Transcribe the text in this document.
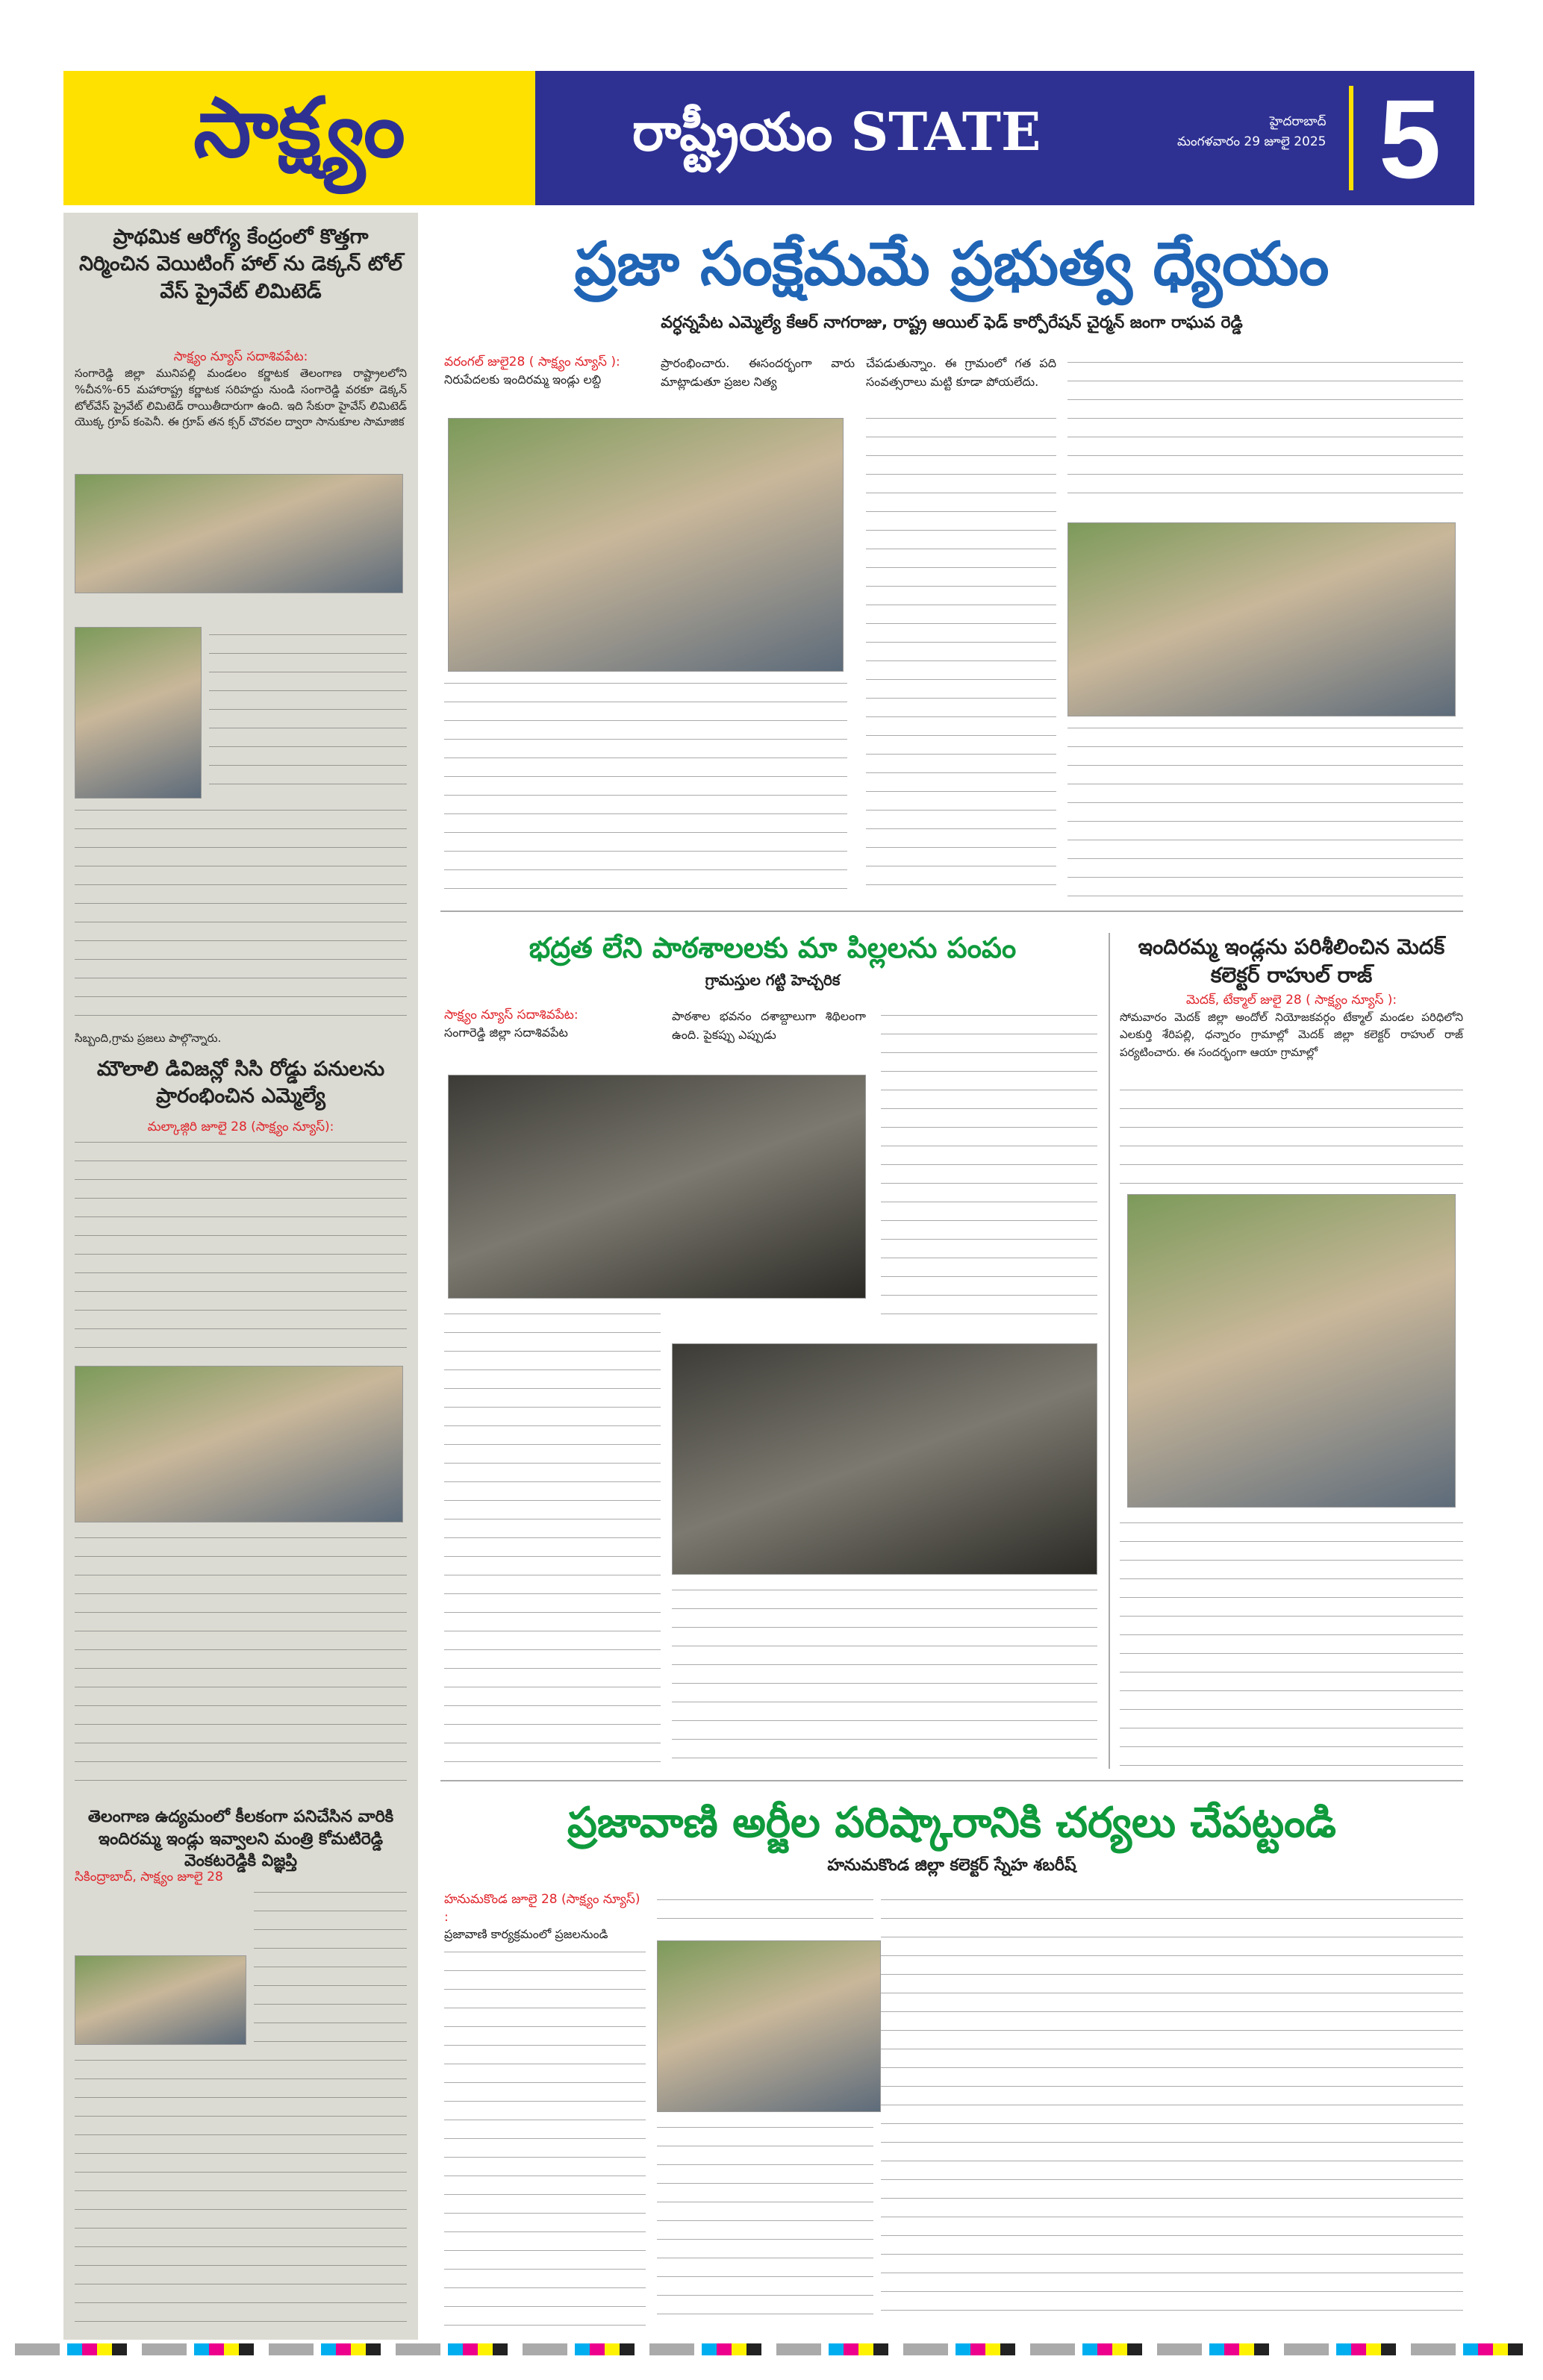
సాక్ష్యం	రాష్ట్రీయం STATE	హైదరాబాద్
మంగళవారం 29 జూలై 2025 5
ప్రాథమిక ఆరోగ్య కేంద్రంలో కొత్తగా నిర్మించిన వెయిటింగ్ హాల్ ను డెక్కన్ టోల్ వేస్ ప్రైవేట్ లిమిటెడ్
సాక్ష్యం న్యూస్ సదాశివపేట:
సంగారెడ్డి జిల్లా మునిపల్లి మండలం కర్ణాటక తెలంగాణ రాష్ట్రాలలోని %చీన%-65 మహారాష్ట్ర కర్ణాటక సరిహద్దు నుండి సంగారెడ్డి వరకూ డెక్కన్ టోల్‌వేస్ ప్రైవేట్ లిమిటెడ్ రాయితీదారుగా ఉంది. ఇది సేకురా హైవేస్ లిమిటెడ్ యొక్క గ్రూప్ కంపెనీ. ఈ గ్రూప్ తన క్సర్ చొరవల ద్వారా సానుకూల సామాజిక
సిబ్బంది,గ్రామ ప్రజలు పాల్గొన్నారు.
మౌలాలి డివిజన్లో సిసి రోడ్డు పనులను ప్రారంభించిన ఎమ్మెల్యే
మల్కాజ్గిరి జూలై 28 (సాక్ష్యం న్యూస్):
తెలంగాణ ఉద్యమంలో కీలకంగా పనిచేసిన వారికి ఇందిరమ్మ ఇండ్లు ఇవ్వాలని మంత్రి కోమటిరెడ్డి వెంకటరెడ్డికి విజ్ఞప్తి
సికింద్రాబాద్, సాక్ష్యం జూలై 28
ప్రజా సంక్షేమమే ప్రభుత్వ ధ్యేయం
వర్ధన్నపేట ఎమ్మెల్యే కేఆర్ నాగరాజు, రాష్ట్ర ఆయిల్ ఫెడ్ కార్పోరేషన్ చైర్మన్ జంగా రాఘవ రెడ్డి
వరంగల్ జులై28 ( సాక్ష్యం న్యూస్ ):
నిరుపేదలకు ఇందిరమ్మ ఇండ్లు లబ్ది
ప్రారంభించారు. ఈసందర్భంగా వారు మాట్లాడుతూ ప్రజల నిత్య
చేపడుతున్నాం. ఈ గ్రామంలో గత పది సంవత్సరాలు మట్టి కూడా పోయలేదు.
భద్రత లేని పాఠశాలలకు మా పిల్లలను పంపం
గ్రామస్తుల గట్టి హెచ్చరిక
సాక్ష్యం న్యూస్ సదాశివపేట:
సంగారెడ్డి జిల్లా సదాశివపేట
పాఠశాల భవనం దశాబ్దాలుగా శిథిలంగా ఉంది. పైకప్పు ఎప్పుడు
ఇందిరమ్మ ఇండ్లను పరిశీలించిన మెదక్ కలెక్టర్ రాహుల్ రాజ్
మెదక్, టేక్మాల్ జులై 28 ( సాక్ష్యం న్యూస్ ):
సోమవారం మెదక్ జిల్లా అందోల్ నియోజకవర్గం టేక్మాల్ మండల పరిధిలోని ఎలకుర్తి శేరిపల్లి, ధన్నారం గ్రామాల్లో మెదక్ జిల్లా కలెక్టర్ రాహుల్ రాజ్ పర్యటించారు. ఈ సందర్భంగా ఆయా గ్రామాల్లో
ప్రజావాణి అర్జీల పరిష్కారానికి చర్యలు చేపట్టండి
హనుమకొండ జిల్లా కలెక్టర్ స్నేహ శబరీష్
హనుమకొండ జూలై 28 (సాక్ష్యం న్యూస్) :
ప్రజావాణి కార్యక్రమంలో ప్రజలనుండి
